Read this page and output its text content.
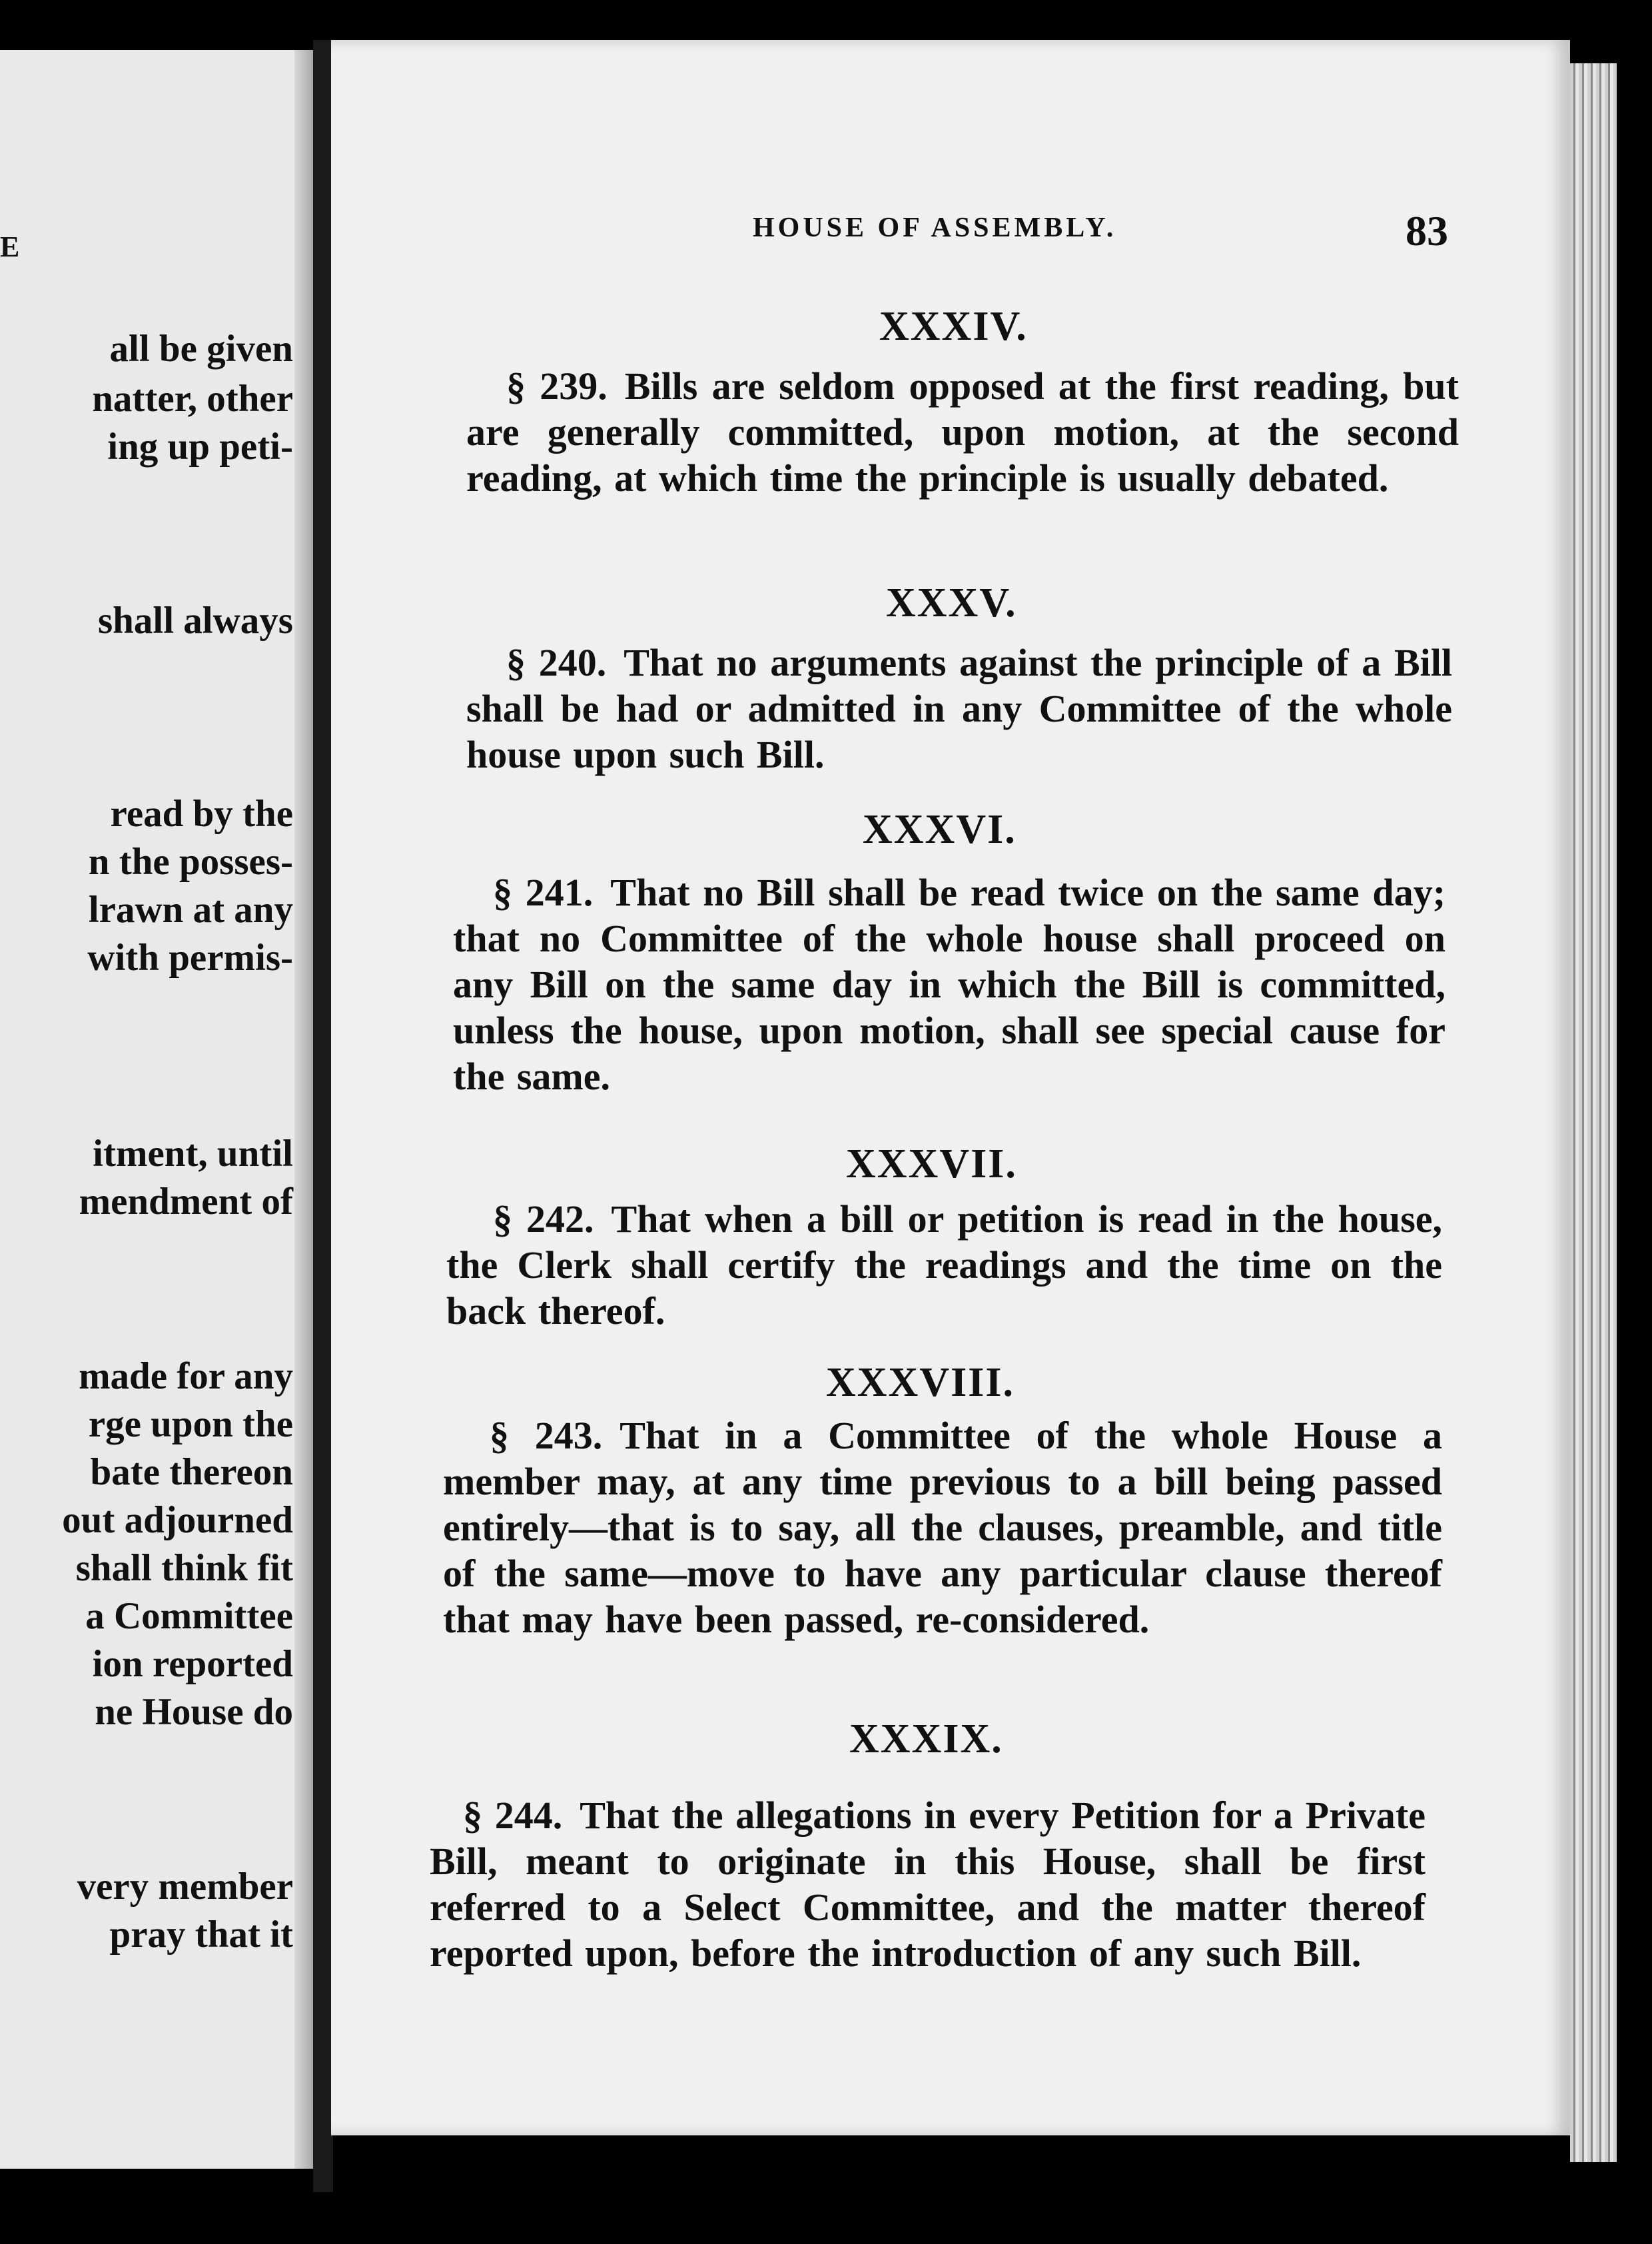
E
all be given
natter, other
ing up peti-
shall always
read by the
n the posses-
lrawn at any
with permis-
itment, until
mendment of
made for any
rge upon the
bate thereon
out adjourned
shall think fit
a Committee
ion reported
ne House do
very member
pray that it
HOUSE OF ASSEMBLY.	83
XXXIV.
§ 239. Bills are seldom opposed at the first reading, but are generally committed, upon motion, at the second reading, at which time the principle is usually debated.
XXXV.
§ 240. That no arguments against the principle of a Bill shall be had or admitted in any Committee of the whole house upon such Bill.
XXXVI.
§ 241. That no Bill shall be read twice on the same day; that no Committee of the whole house shall proceed on any Bill on the same day in which the Bill is committed, unless the house, upon motion, shall see special cause for the same.
XXXVII.
§ 242. That when a bill or petition is read in the house, the Clerk shall certify the readings and the time on the back thereof.
XXXVIII.
§ 243. That in a Committee of the whole House a member may, at any time previous to a bill being passed entirely—that is to say, all the clauses, preamble, and title of the same—move to have any particular clause thereof that may have been passed, re-considered.
XXXIX.
§ 244. That the allegations in every Petition for a Private Bill, meant to originate in this House, shall be first referred to a Select Committee, and the matter thereof reported upon, before the introduction of any such Bill.
